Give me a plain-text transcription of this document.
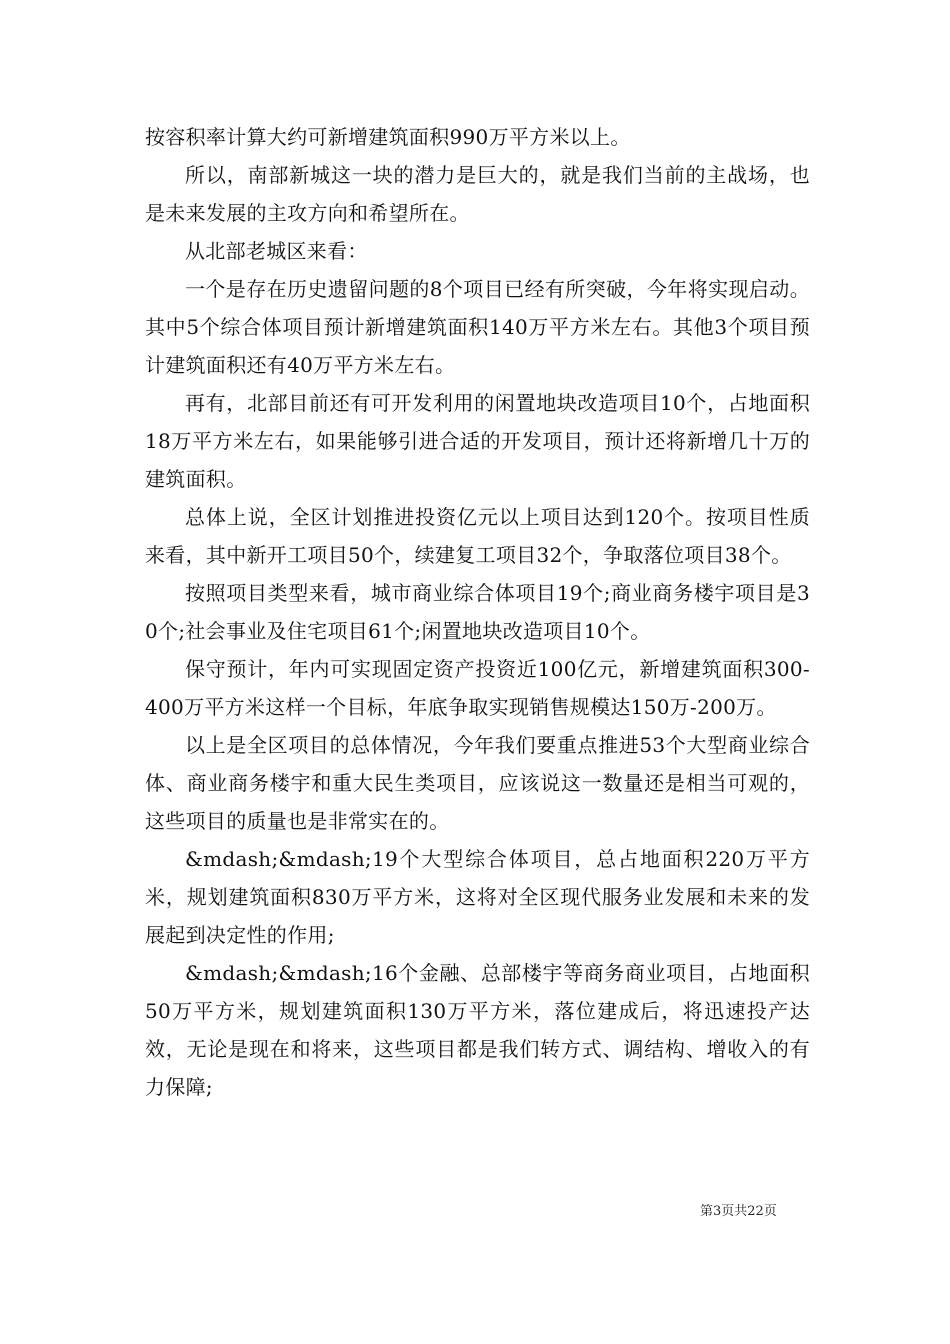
按容积率计算大约可新增建筑面积990万平方米以上。

所以，南部新城这一块的潜力是巨大的，就是我们当前的主战场，也是未来发展的主攻方向和希望所在。

从北部老城区来看：

一个是存在历史遗留问题的8个项目已经有所突破，今年将实现启动。其中5个综合体项目预计新增建筑面积140万平方米左右。其他3个项目预计建筑面积还有40万平方米左右。

再有，北部目前还有可开发利用的闲置地块改造项目10个，占地面积18万平方米左右，如果能够引进合适的开发项目，预计还将新增几十万的建筑面积。

总体上说，全区计划推进投资亿元以上项目达到120个。按项目性质来看，其中新开工项目50个，续建复工项目32个，争取落位项目38个。

按照项目类型来看，城市商业综合体项目19个;商业商务楼宇项目是30个;社会事业及住宅项目61个;闲置地块改造项目10个。

保守预计，年内可实现固定资产投资近100亿元，新增建筑面积300-400万平方米这样一个目标，年底争取实现销售规模达150万-200万。

以上是全区项目的总体情况，今年我们要重点推进53个大型商业综合体、商业商务楼宇和重大民生类项目，应该说这一数量还是相当可观的，这些项目的质量也是非常实在的。

&mdash;&mdash;19个大型综合体项目，总占地面积220万平方米，规划建筑面积830万平方米，这将对全区现代服务业发展和未来的发展起到决定性的作用;

&mdash;&mdash;16个金融、总部楼宇等商务商业项目，占地面积50万平方米，规划建筑面积130万平方米，落位建成后，将迅速投产达效，无论是现在和将来，这些项目都是我们转方式、调结构、增收入的有力保障;

第3页共22页
